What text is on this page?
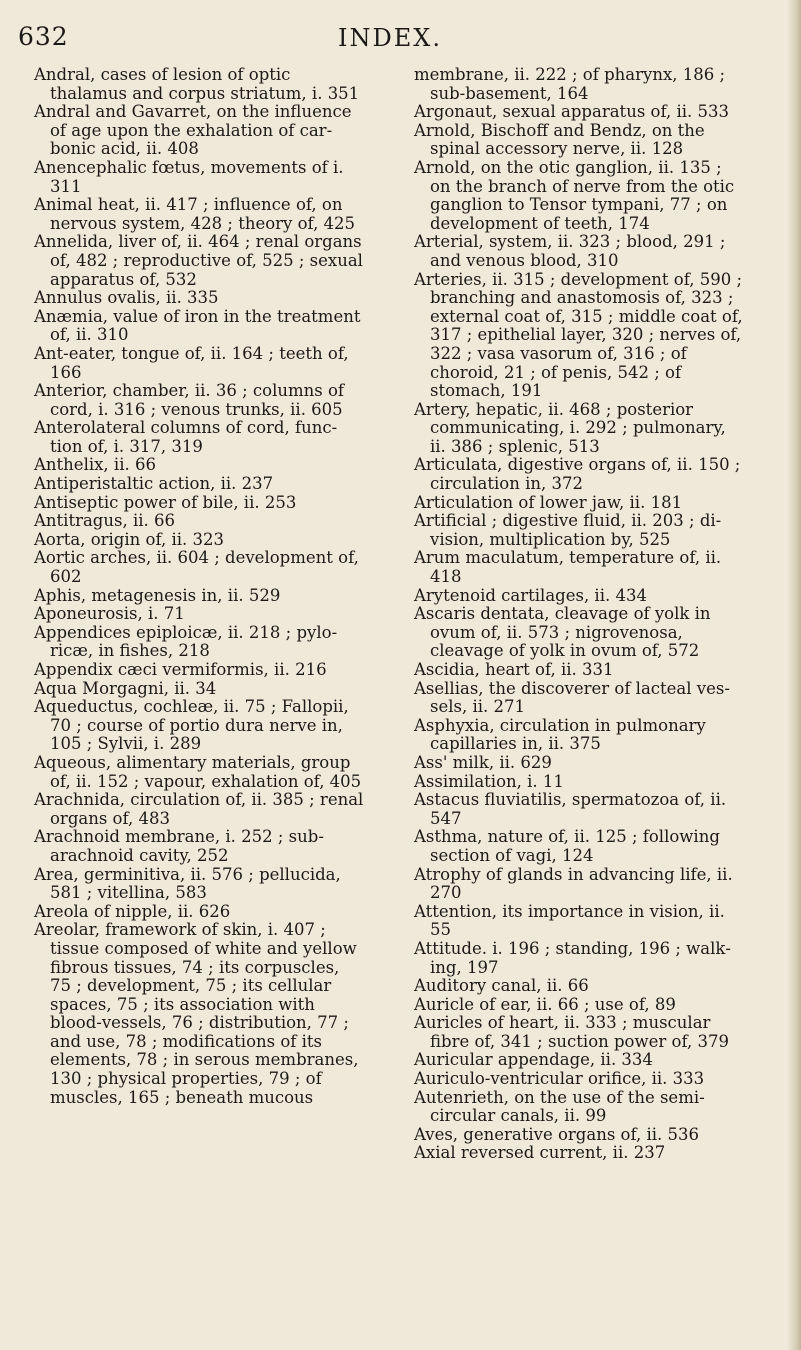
632	INDEX.

Andral, cases of lesion of optic thalamus and corpus striatum, i. 351

Andral and Gavarret, on the influence of age upon the exhalation of carbonic acid, ii. 408

Anencephalic fœtus, movements of i. 311

Animal heat, ii. 417 ; influence of, on nervous system, 428 ; theory of, 425

Annelida, liver of, ii. 464 ; renal organs of, 482 ; reproductive of, 525 ; sexual apparatus of, 532

Annulus ovalis, ii. 335

Anæmia, value of iron in the treatment of, ii. 310

Ant-eater, tongue of, ii. 164 ; teeth of, 166

Anterior, chamber, ii. 36 ; columns of cord, i. 316 ; venous trunks, ii. 605

Anterolateral columns of cord, function of, i. 317, 319

Anthelix, ii. 66

Antiperistaltic action, ii. 237

Antiseptic power of bile, ii. 253

Antitragus, ii. 66

Aorta, origin of, ii. 323

Aortic arches, ii. 604 ; development of, 602

Aphis, metagenesis in, ii. 529

Aponeurosis, i. 71

Appendices epiploicæ, ii. 218 ; pyloricæ, in fishes, 218

Appendix cæci vermiformis, ii. 216

Aqua Morgagni, ii. 34

Aqueductus, cochleæ, ii. 75 ; Fallopii, 70 ; course of portio dura nerve in, 105 ; Sylvii, i. 289

Aqueous, alimentary materials, group of, ii. 152 ; vapour, exhalation of, 405

Arachnida, circulation of, ii. 385 ; renal organs of, 483

Arachnoid membrane, i. 252 ; subarachnoid cavity, 252

Area, germinitiva, ii. 576 ; pellucida, 581 ; vitellina, 583

Areola of nipple, ii. 626

Areolar, framework of skin, i. 407 ; tissue composed of white and yellow fibrous tissues, 74 ; its corpuscles, 75 ; development, 75 ; its cellular spaces, 75 ; its association with blood-vessels, 76 ; distribution, 77 ; and use, 78 ; modifications of its elements, 78 ; in serous membranes, 130 ; physical properties, 79 ; of muscles, 165 ; beneath mucous

membrane, ii. 222 ; of pharynx, 186 ; sub-basement, 164

Argonaut, sexual apparatus of, ii. 533

Arnold, Bischoff and Bendz, on the spinal accessory nerve, ii. 128

Arnold, on the otic ganglion, ii. 135 ; on the branch of nerve from the otic ganglion to Tensor tympani, 77 ; on development of teeth, 174

Arterial, system, ii. 323 ; blood, 291 ; and venous blood, 310

Arteries, ii. 315 ; development of, 590 ; branching and anastomosis of, 323 ; external coat of, 315 ; middle coat of, 317 ; epithelial layer, 320 ; nerves of, 322 ; vasa vasorum of, 316 ; of choroid, 21 ; of penis, 542 ; of stomach, 191

Artery, hepatic, ii. 468 ; posterior communicating, i. 292 ; pulmonary, ii. 386 ; splenic, 513

Articulata, digestive organs of, ii. 150 ; circulation in, 372

Articulation of lower jaw, ii. 181

Artificial ; digestive fluid, ii. 203 ; division, multiplication by, 525

Arum maculatum, temperature of, ii. 418

Arytenoid cartilages, ii. 434

Ascaris dentata, cleavage of yolk in ovum of, ii. 573 ; nigrovenosa, cleavage of yolk in ovum of, 572

Ascidia, heart of, ii. 331

Asellias, the discoverer of lacteal vessels, ii. 271

Asphyxia, circulation in pulmonary capillaries in, ii. 375

Ass' milk, ii. 629

Assimilation, i. 11

Astacus fluviatilis, spermatozoa of, ii. 547

Asthma, nature of, ii. 125 ; following section of vagi, 124

Atrophy of glands in advancing life, ii. 270

Attention, its importance in vision, ii. 55

Attitude. i. 196 ; standing, 196 ; walking, 197

Auditory canal, ii. 66

Auricle of ear, ii. 66 ; use of, 89

Auricles of heart, ii. 333 ; muscular fibre of, 341 ; suction power of, 379

Auricular appendage, ii. 334

Auriculo-ventricular orifice, ii. 333

Autenrieth, on the use of the semicircular canals, ii. 99

Aves, generative organs of, ii. 536

Axial reversed current, ii. 237
